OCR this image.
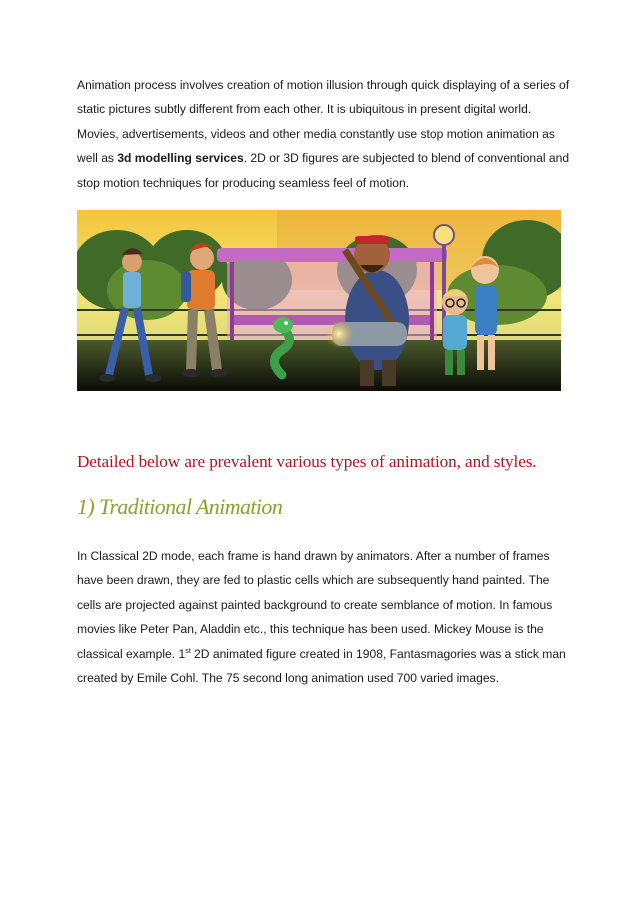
Animation process involves creation of motion illusion through quick displaying of a series of
static pictures subtly different from each other. It is ubiquitous in present digital world.
Movies, advertisements, videos and other media constantly use stop motion animation as
well as 3d modelling services. 2D or 3D figures are subjected to blend of conventional and
stop motion techniques for producing seamless feel of motion.

Detailed below are prevalent various types of animation, and styles.
1) Traditional Animation

In Classical 2D mode, each frame is hand drawn by animators. After a number of frames
have been drawn, they are fed to plastic cells which are subsequently hand painted. The
cells are projected against painted background to create semblance of motion. In famous
movies like Peter Pan, Aladdin etc., this technique has been used. Mickey Mouse is the
classical example. 1st 2D animated figure created in 1908, Fantasmagories was a stick man
created by Emile Cohl. The 75 second long animation used 700 varied images.
